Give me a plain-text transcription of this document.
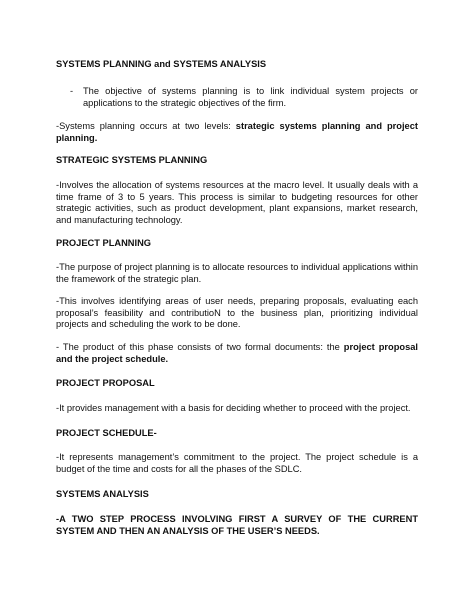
SYSTEMS PLANNING and SYSTEMS ANALYSIS

-	The objective of systems planning is to link individual system projects or applications to the strategic objectives of the firm.

-Systems planning occurs at two levels: strategic systems planning and project planning.

STRATEGIC SYSTEMS PLANNING

-Involves the allocation of systems resources at the macro level. It usually deals with a time frame of 3 to 5 years. This process is similar to budgeting resources for other strategic activities, such as product development, plant expansions, market research, and manufacturing technology.

PROJECT PLANNING

-The purpose of project planning is to allocate resources to individual applications within the framework of the strategic plan.

-This involves identifying areas of user needs, preparing proposals, evaluating each proposal’s feasibility and contributioN to the business plan, prioritizing individual projects and scheduling the work to be done.

- The product of this phase consists of two formal documents: the project proposal and the project schedule.

PROJECT PROPOSAL

-It provides management with a basis for deciding whether to proceed with the project.

PROJECT SCHEDULE-

-It represents management’s commitment to the project. The project schedule is a budget of the time and costs for all the phases of the SDLC.

SYSTEMS ANALYSIS

-A TWO STEP PROCESS INVOLVING FIRST A SURVEY OF THE CURRENT SYSTEM AND THEN AN ANALYSIS OF THE USER’S NEEDS.
